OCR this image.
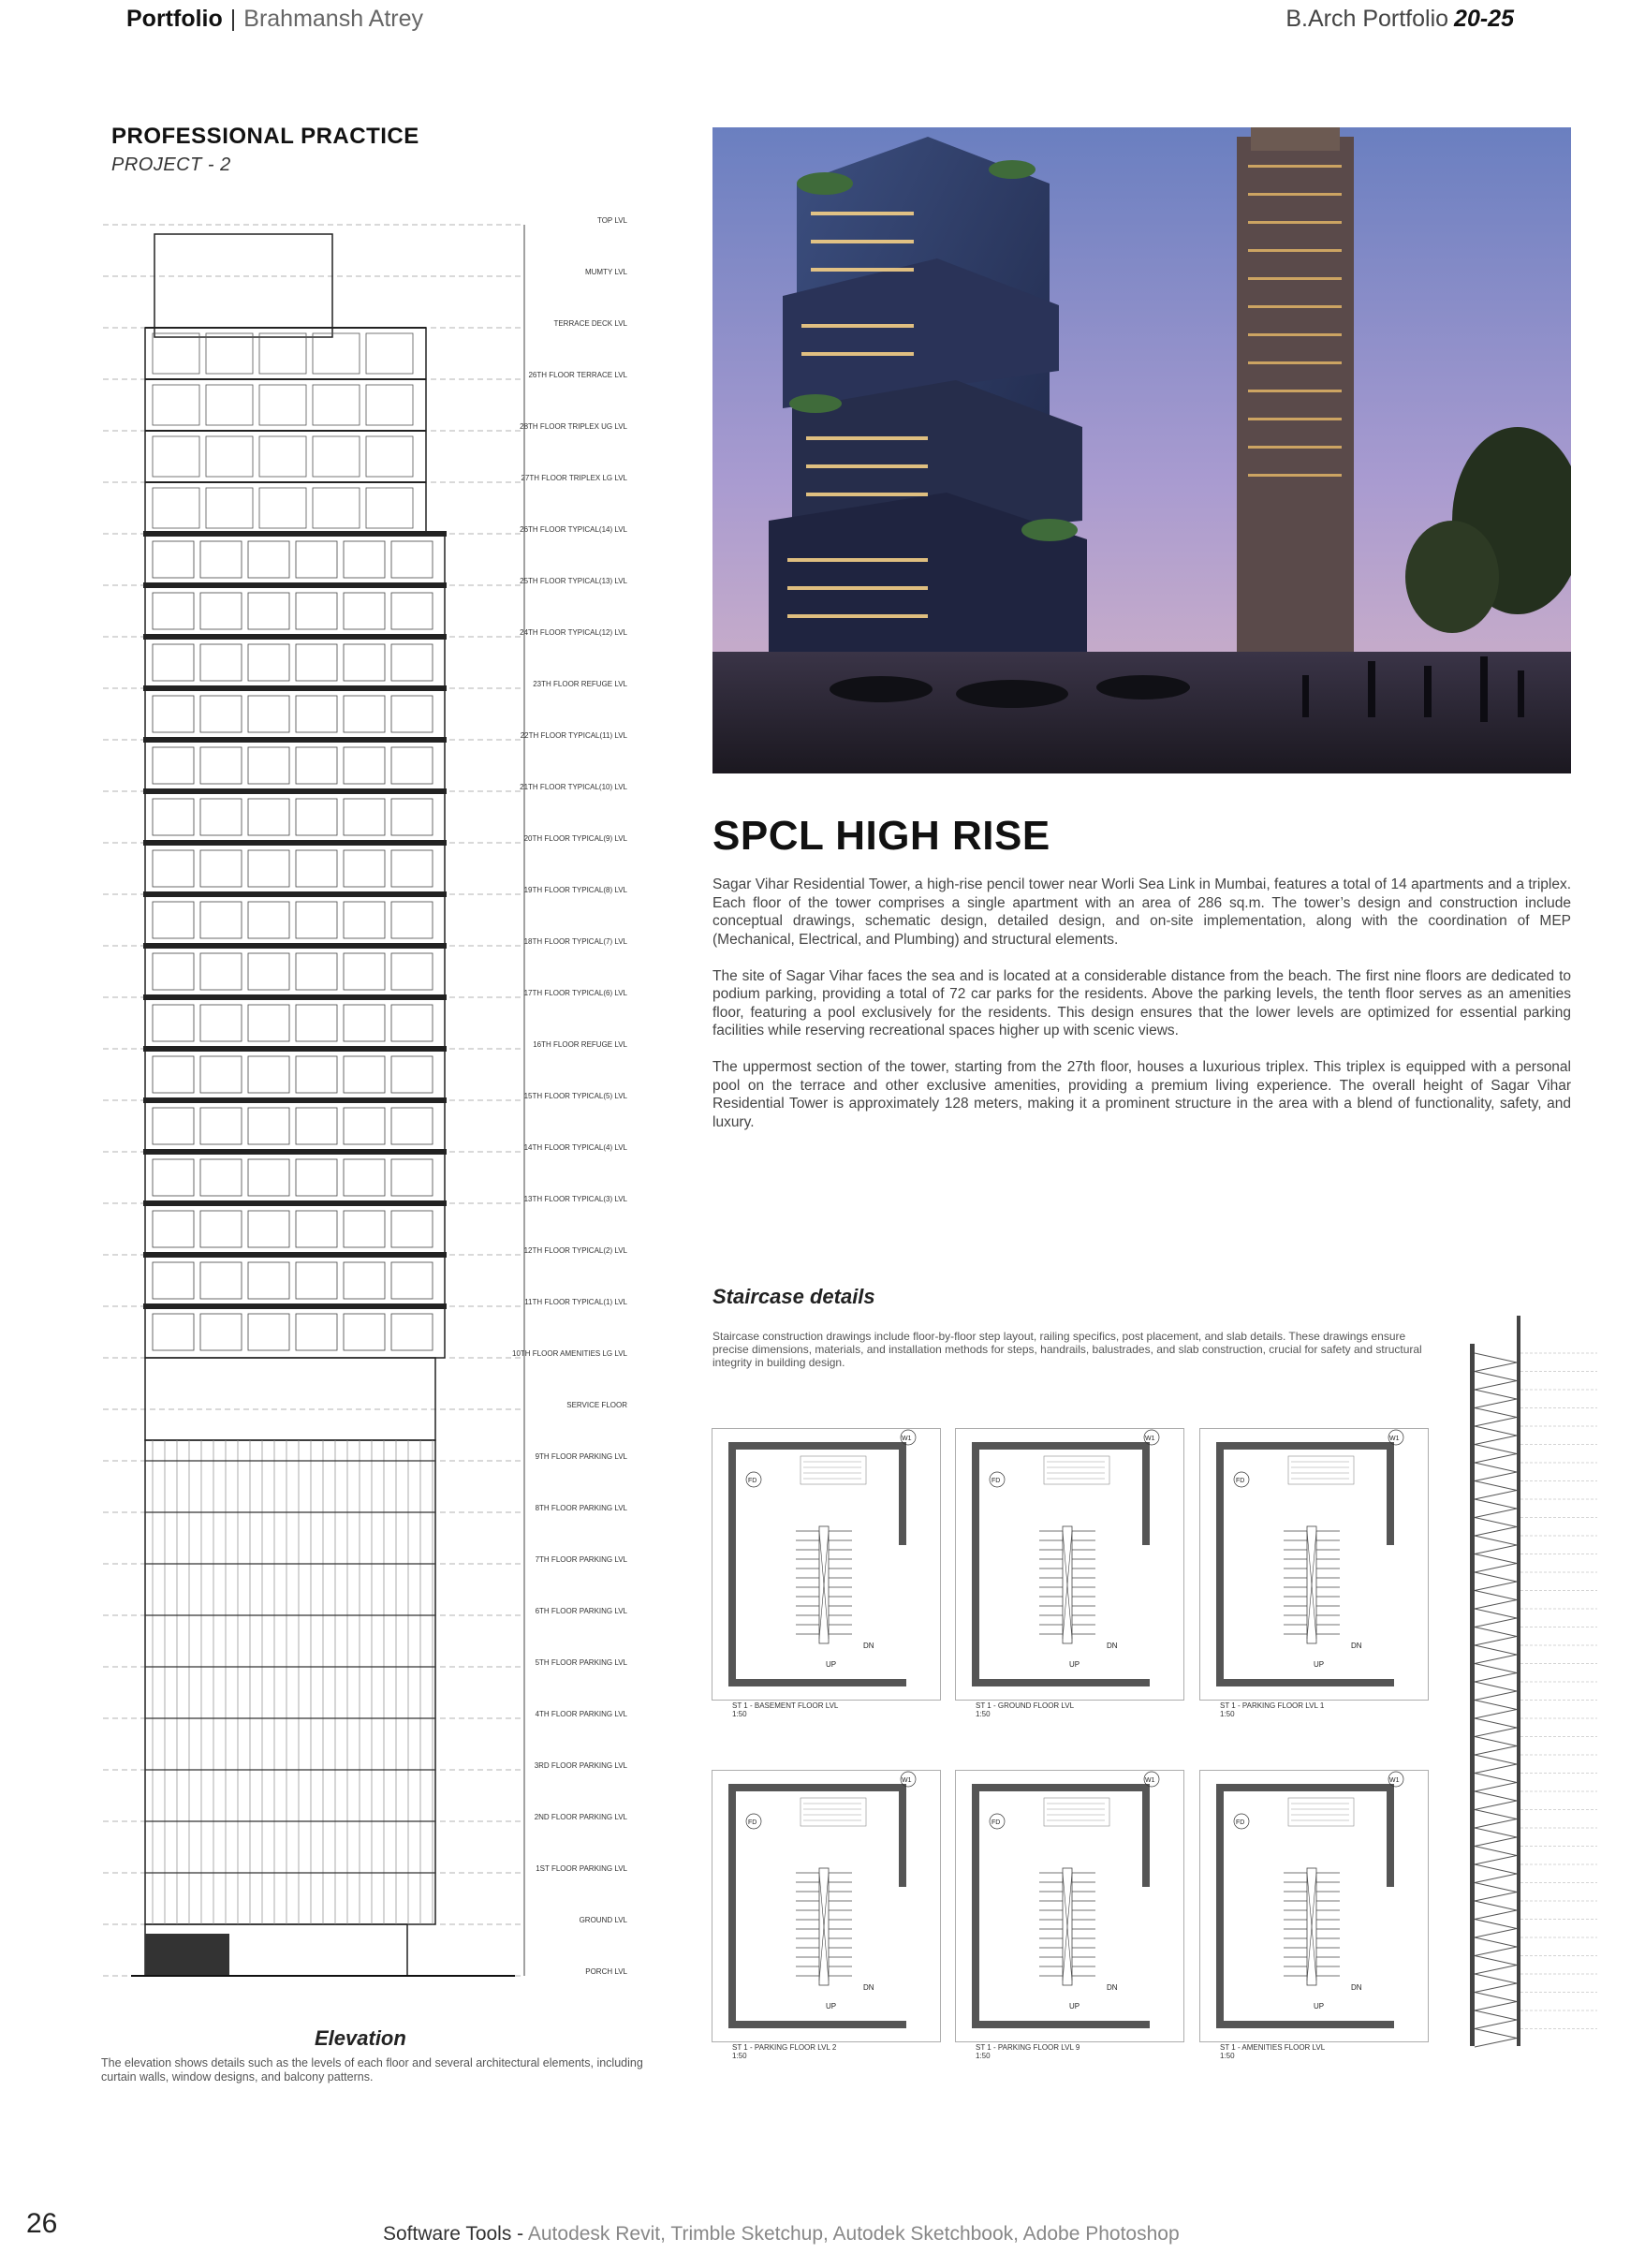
Portfolio | Brahmansh Atrey	B.Arch Portfolio 20-25
PROFESSIONAL PRACTICE
PROJECT - 2
TOP LVL
MUMTY LVL
TERRACE DECK LVL
26TH FLOOR TERRACE LVL
28TH FLOOR TRIPLEX UG LVL
27TH FLOOR TRIPLEX LG LVL
26TH FLOOR TYPICAL(14) LVL
25TH FLOOR TYPICAL(13) LVL
24TH FLOOR TYPICAL(12) LVL
23TH FLOOR REFUGE LVL
22TH FLOOR TYPICAL(11) LVL
21TH FLOOR TYPICAL(10) LVL
20TH FLOOR TYPICAL(9) LVL
19TH FLOOR TYPICAL(8) LVL
18TH FLOOR TYPICAL(7) LVL
17TH FLOOR TYPICAL(6) LVL
16TH FLOOR REFUGE LVL
15TH FLOOR TYPICAL(5) LVL
14TH FLOOR TYPICAL(4) LVL
13TH FLOOR TYPICAL(3) LVL
12TH FLOOR TYPICAL(2) LVL
11TH FLOOR TYPICAL(1) LVL
10TH FLOOR AMENITIES LG LVL
SERVICE FLOOR
9TH FLOOR PARKING LVL
8TH FLOOR PARKING LVL
7TH FLOOR PARKING LVL
6TH FLOOR PARKING LVL
5TH FLOOR PARKING LVL
4TH FLOOR PARKING LVL
3RD FLOOR PARKING LVL
2ND FLOOR PARKING LVL
1ST FLOOR PARKING LVL
GROUND LVL
PORCH LVL
Elevation
The elevation shows details such as the levels of each floor and several architectural elements, including curtain walls, window designs, and balcony patterns.
SPCL HIGH RISE

Sagar Vihar Residential Tower, a high-rise pencil tower near Worli Sea Link in Mumbai, features a total of 14 apartments and a triplex. Each floor of the tower comprises a single apartment with an area of 286 sq.m. The tower’s design and construction include conceptual drawings, schematic design, detailed design, and on-site implementation, along with the coordination of MEP (Mechanical, Electrical, and Plumbing) and structural elements.

The site of Sagar Vihar faces the sea and is located at a considerable distance from the beach. The first nine floors are dedicated to podium parking, providing a total of 72 car parks for the residents. Above the parking levels, the tenth floor serves as an amenities floor, featuring a pool exclusively for the residents. This design ensures that the lower levels are optimized for essential parking facilities while reserving recreational spaces higher up with scenic views.

The uppermost section of the tower, starting from the 27th floor, houses a luxurious triplex. This triplex is equipped with a personal pool on the terrace and other exclusive amenities, providing a premium living experience. The overall height of Sagar Vihar Residential Tower is approximately 128 meters, making it a prominent structure in the area with a blend of functionality, safety, and luxury.

Staircase details
Staircase construction drawings include floor-by-floor step layout, railing specifics, post placement, and slab details. These drawings ensure precise dimensions, materials, and installation methods for steps, handrails, balustrades, and slab construction, crucial for safety and structural integrity in building design.
UP
DN
FD
W1
ST 1 - BASEMENT FLOOR LVL
1:50
UP
DN
FD
W1
ST 1 - GROUND FLOOR LVL
1:50
UP
DN
FD
W1
ST 1 - PARKING FLOOR LVL 1
1:50
UP
DN
FD
W1
ST 1 - PARKING FLOOR LVL 2
1:50
UP
DN
FD
W1
ST 1 - PARKING FLOOR LVL 9
1:50
UP
DN
FD
W1
ST 1 - AMENITIES FLOOR LVL
1:50
26	Software Tools - Autodesk Revit, Trimble Sketchup, Autodek Sketchbook, Adobe Photoshop
